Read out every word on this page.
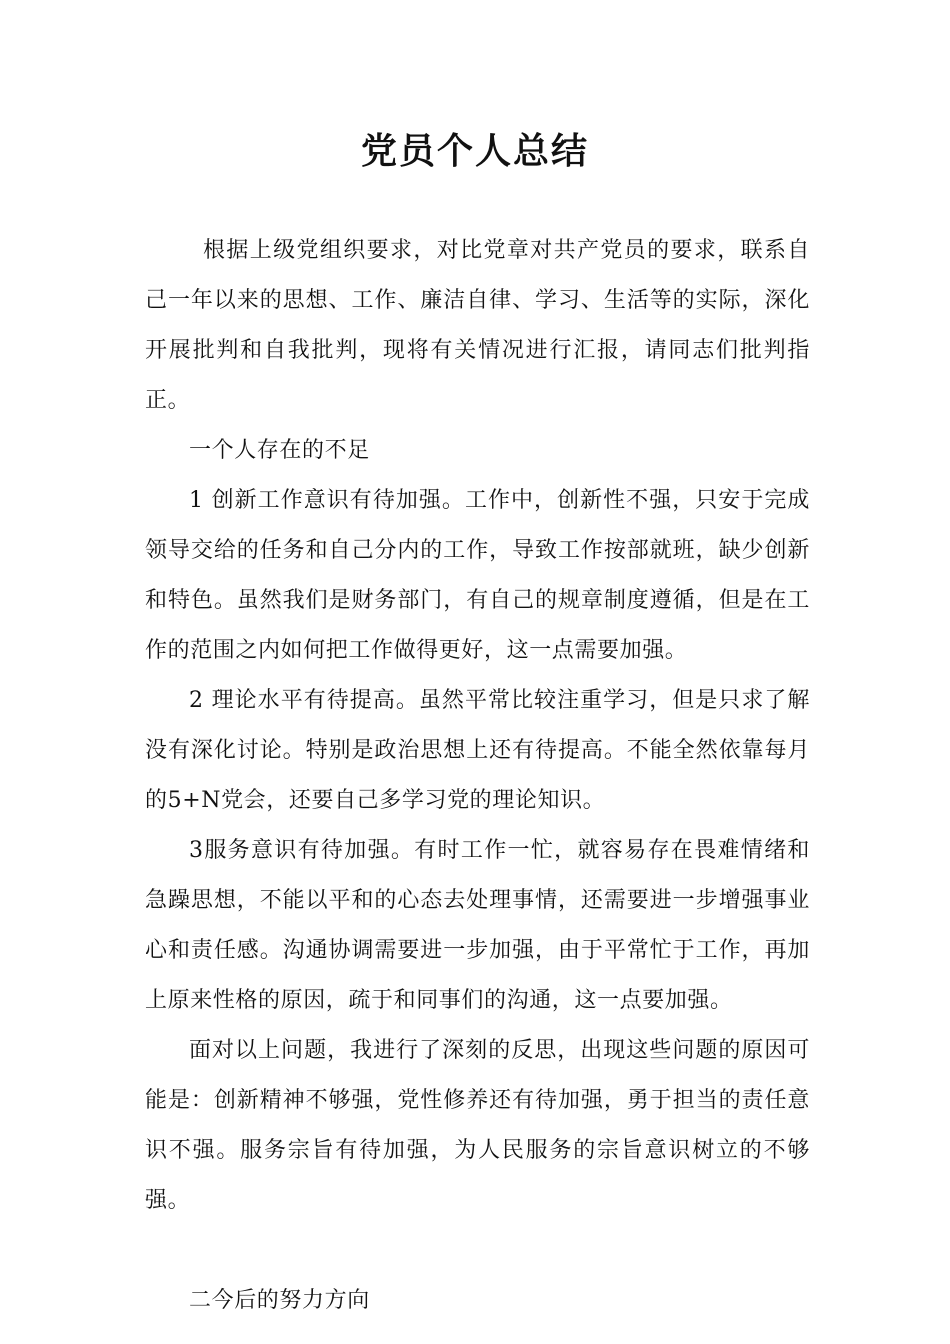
党员个人总结

根据上级党组织要求，对比党章对共产党员的要求，联系自己一年以来的思想、工作、廉洁自律、学习、生活等的实际，深化开展批判和自我批判，现将有关情况进行汇报，请同志们批判指正。

一个人存在的不足

1 创新工作意识有待加强。工作中，创新性不强，只安于完成领导交给的任务和自己分内的工作，导致工作按部就班，缺少创新和特色。虽然我们是财务部门，有自己的规章制度遵循，但是在工作的范围之内如何把工作做得更好，这一点需要加强。

2 理论水平有待提高。虽然平常比较注重学习，但是只求了解没有深化讨论。特别是政治思想上还有待提高。不能全然依靠每月的5+N党会，还要自己多学习党的理论知识。

3服务意识有待加强。有时工作一忙，就容易存在畏难情绪和急躁思想，不能以平和的心态去处理事情，还需要进一步增强事业心和责任感。沟通协调需要进一步加强，由于平常忙于工作，再加上原来性格的原因，疏于和同事们的沟通，这一点要加强。

面对以上问题，我进行了深刻的反思，出现这些问题的原因可能是：创新精神不够强，党性修养还有待加强，勇于担当的责任意识不强。服务宗旨有待加强，为人民服务的宗旨意识树立的不够强。

二今后的努力方向
